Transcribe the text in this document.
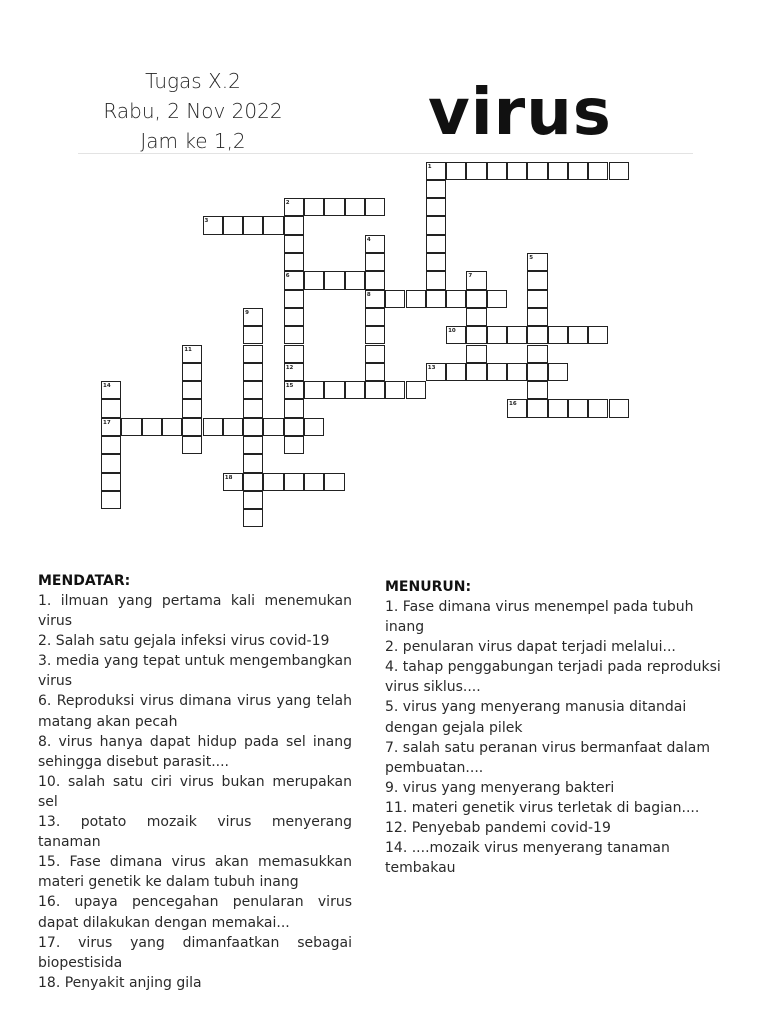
Tugas X.2
Rabu, 2 Nov 2022
Jam ke 1,2	virus
1
2
3
4
5
6	7
8
9
10
11
12	13
14	15
16
17
18
MENDATAR:

1. ilmuan yang pertama kali menemukan virus

2. Salah satu gejala infeksi virus covid-19

3. media yang tepat untuk mengembangkan virus

6. Reproduksi virus dimana virus yang telah matang akan pecah

8. virus hanya dapat hidup pada sel inang sehingga disebut parasit....

10. salah satu ciri virus bukan merupakan sel

13. potato mozaik virus menyerang tanaman

15. Fase dimana virus akan memasukkan materi genetik ke dalam tubuh inang

16. upaya pencegahan penularan virus dapat dilakukan dengan memakai...

17. virus yang dimanfaatkan sebagai biopestisida

18. Penyakit anjing gila

MENURUN:

1. Fase dimana virus menempel pada tubuh inang

2. penularan virus dapat terjadi melalui...

4. tahap penggabungan terjadi pada reproduksi virus siklus....

5. virus yang menyerang manusia ditandai dengan gejala pilek

7. salah satu peranan virus bermanfaat dalam pembuatan....

9. virus yang menyerang bakteri

11. materi genetik virus terletak di bagian....

12. Penyebab pandemi covid-19

14. ....mozaik virus menyerang tanaman tembakau
